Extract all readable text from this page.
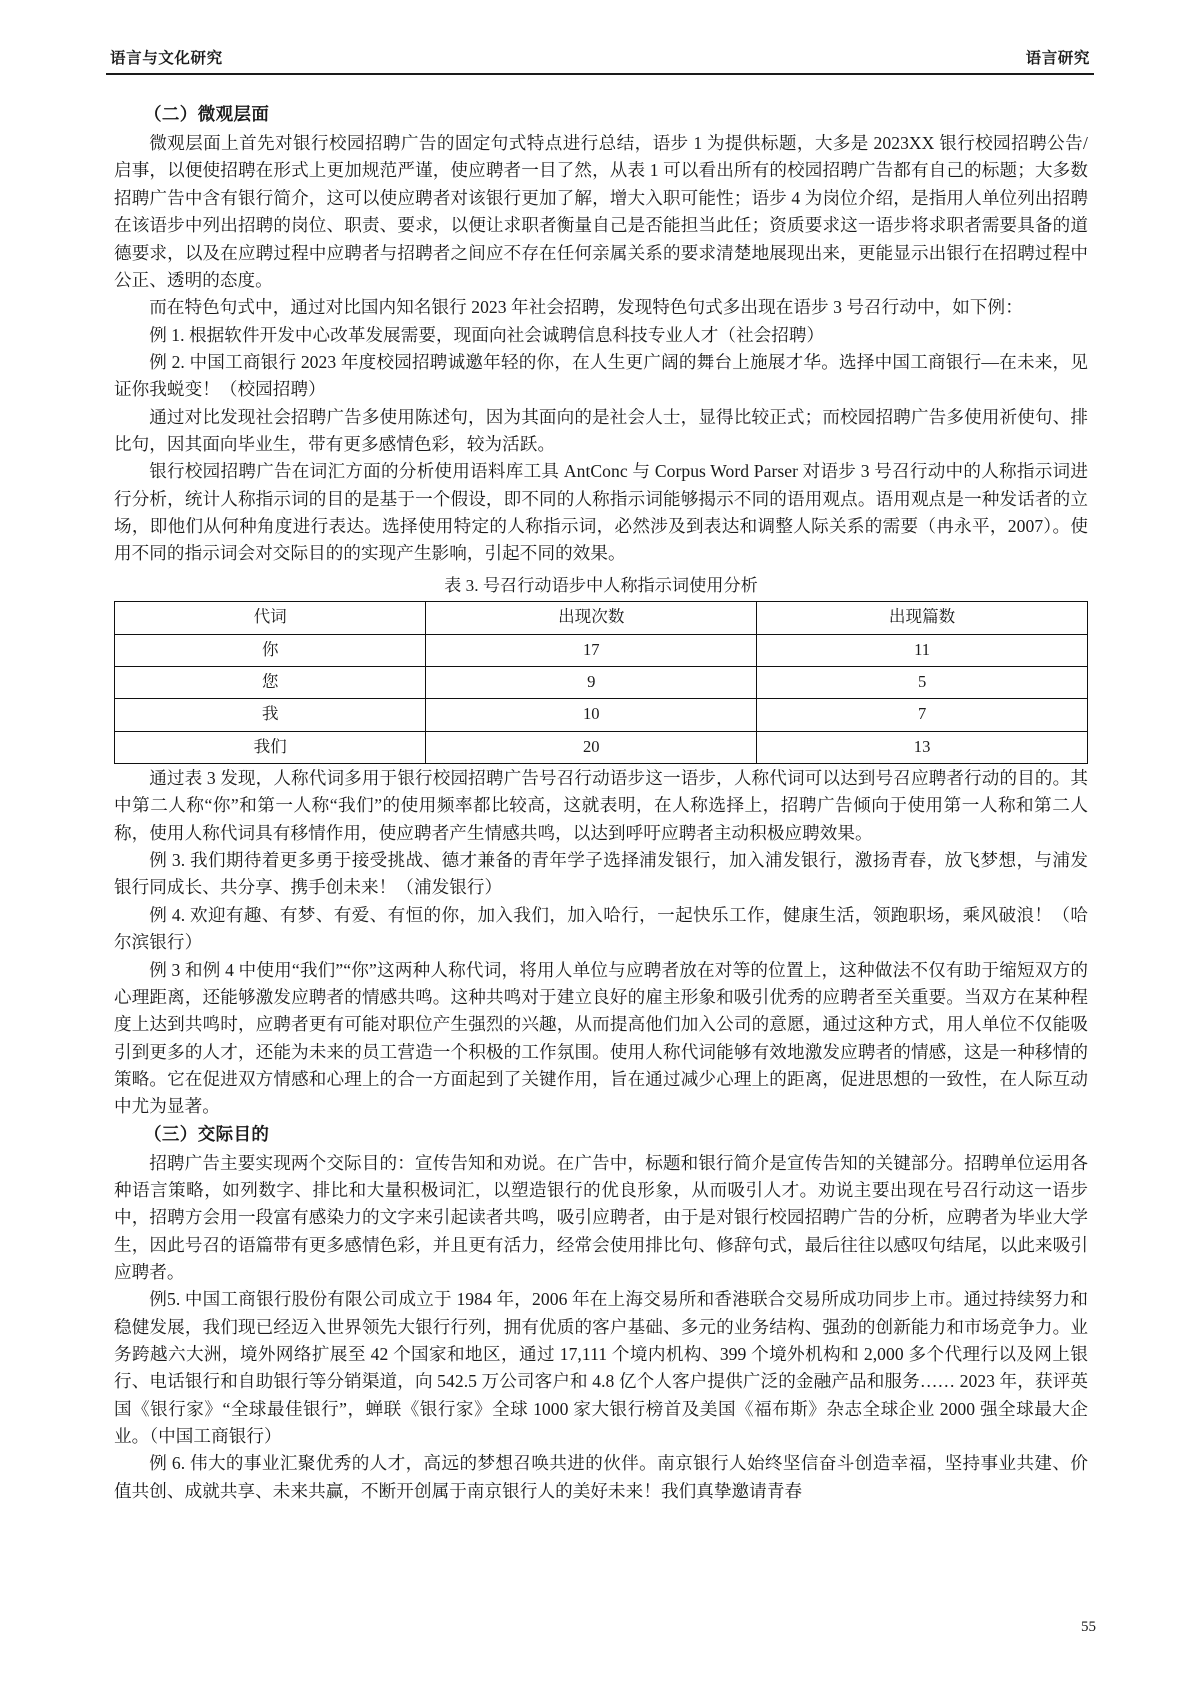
语言与文化研究	语言研究
（二）微观层面

微观层面上首先对银行校园招聘广告的固定句式特点进行总结，语步 1 为提供标题，大多是 2023XX 银行校园招聘公告/启事，以便使招聘在形式上更加规范严谨，使应聘者一目了然，从表 1 可以看出所有的校园招聘广告都有自己的标题；大多数招聘广告中含有银行简介，这可以使应聘者对该银行更加了解，增大入职可能性；语步 4 为岗位介绍，是指用人单位列出招聘在该语步中列出招聘的岗位、职责、要求，以便让求职者衡量自己是否能担当此任；资质要求这一语步将求职者需要具备的道德要求，以及在应聘过程中应聘者与招聘者之间应不存在任何亲属关系的要求清楚地展现出来，更能显示出银行在招聘过程中公正、透明的态度。

而在特色句式中，通过对比国内知名银行 2023 年社会招聘，发现特色句式多出现在语步 3 号召行动中，如下例：

例 1. 根据软件开发中心改革发展需要，现面向社会诚聘信息科技专业人才（社会招聘）

例 2. 中国工商银行 2023 年度校园招聘诚邀年轻的你，在人生更广阔的舞台上施展才华。选择中国工商银行—在未来，见证你我蜕变！（校园招聘）

通过对比发现社会招聘广告多使用陈述句，因为其面向的是社会人士，显得比较正式；而校园招聘广告多使用祈使句、排比句，因其面向毕业生，带有更多感情色彩，较为活跃。

银行校园招聘广告在词汇方面的分析使用语料库工具 AntConc 与 Corpus Word Parser 对语步 3 号召行动中的人称指示词进行分析，统计人称指示词的目的是基于一个假设，即不同的人称指示词能够揭示不同的语用观点。语用观点是一种发话者的立场，即他们从何种角度进行表达。选择使用特定的人称指示词，必然涉及到表达和调整人际关系的需要（冉永平，2007）。使用不同的指示词会对交际目的的实现产生影响，引起不同的效果。

表 3. 号召行动语步中人称指示词使用分析
代词	出现次数	出现篇数
你	17	11
您	9	5
我	10	7
我们	20	13

通过表 3 发现，人称代词多用于银行校园招聘广告号召行动语步这一语步，人称代词可以达到号召应聘者行动的目的。其中第二人称“你”和第一人称“我们”的使用频率都比较高，这就表明，在人称选择上，招聘广告倾向于使用第一人称和第二人称，使用人称代词具有移情作用，使应聘者产生情感共鸣，以达到呼吁应聘者主动积极应聘效果。

例 3. 我们期待着更多勇于接受挑战、德才兼备的青年学子选择浦发银行，加入浦发银行，激扬青春，放飞梦想，与浦发银行同成长、共分享、携手创未来！（浦发银行）

例 4. 欢迎有趣、有梦、有爱、有恒的你，加入我们，加入哈行，一起快乐工作，健康生活，领跑职场，乘风破浪！（哈尔滨银行）

例 3 和例 4 中使用“我们”“你”这两种人称代词，将用人单位与应聘者放在对等的位置上，这种做法不仅有助于缩短双方的心理距离，还能够激发应聘者的情感共鸣。这种共鸣对于建立良好的雇主形象和吸引优秀的应聘者至关重要。当双方在某种程度上达到共鸣时，应聘者更有可能对职位产生强烈的兴趣，从而提高他们加入公司的意愿，通过这种方式，用人单位不仅能吸引到更多的人才，还能为未来的员工营造一个积极的工作氛围。使用人称代词能够有效地激发应聘者的情感，这是一种移情的策略。它在促进双方情感和心理上的合一方面起到了关键作用，旨在通过减少心理上的距离，促进思想的一致性，在人际互动中尤为显著。

（三）交际目的

招聘广告主要实现两个交际目的：宣传告知和劝说。在广告中，标题和银行简介是宣传告知的关键部分。招聘单位运用各种语言策略，如列数字、排比和大量积极词汇，以塑造银行的优良形象，从而吸引人才。劝说主要出现在号召行动这一语步中，招聘方会用一段富有感染力的文字来引起读者共鸣，吸引应聘者，由于是对银行校园招聘广告的分析，应聘者为毕业大学生，因此号召的语篇带有更多感情色彩，并且更有活力，经常会使用排比句、修辞句式，最后往往以感叹句结尾，以此来吸引应聘者。

例5. 中国工商银行股份有限公司成立于 1984 年，2006 年在上海交易所和香港联合交易所成功同步上市。通过持续努力和稳健发展，我们现已经迈入世界领先大银行行列，拥有优质的客户基础、多元的业务结构、强劲的创新能力和市场竞争力。业务跨越六大洲，境外网络扩展至 42 个国家和地区，通过 17,111 个境内机构、399 个境外机构和 2,000 多个代理行以及网上银行、电话银行和自助银行等分销渠道，向 542.5 万公司客户和 4.8 亿个人客户提供广泛的金融产品和服务…… 2023 年，获评英国《银行家》“全球最佳银行”，蝉联《银行家》全球 1000 家大银行榜首及美国《福布斯》杂志全球企业 2000 强全球最大企业。（中国工商银行）

例 6. 伟大的事业汇聚优秀的人才，高远的梦想召唤共进的伙伴。南京银行人始终坚信奋斗创造幸福，坚持事业共建、价值共创、成就共享、未来共赢，不断开创属于南京银行人的美好未来！我们真挚邀请青春

55
